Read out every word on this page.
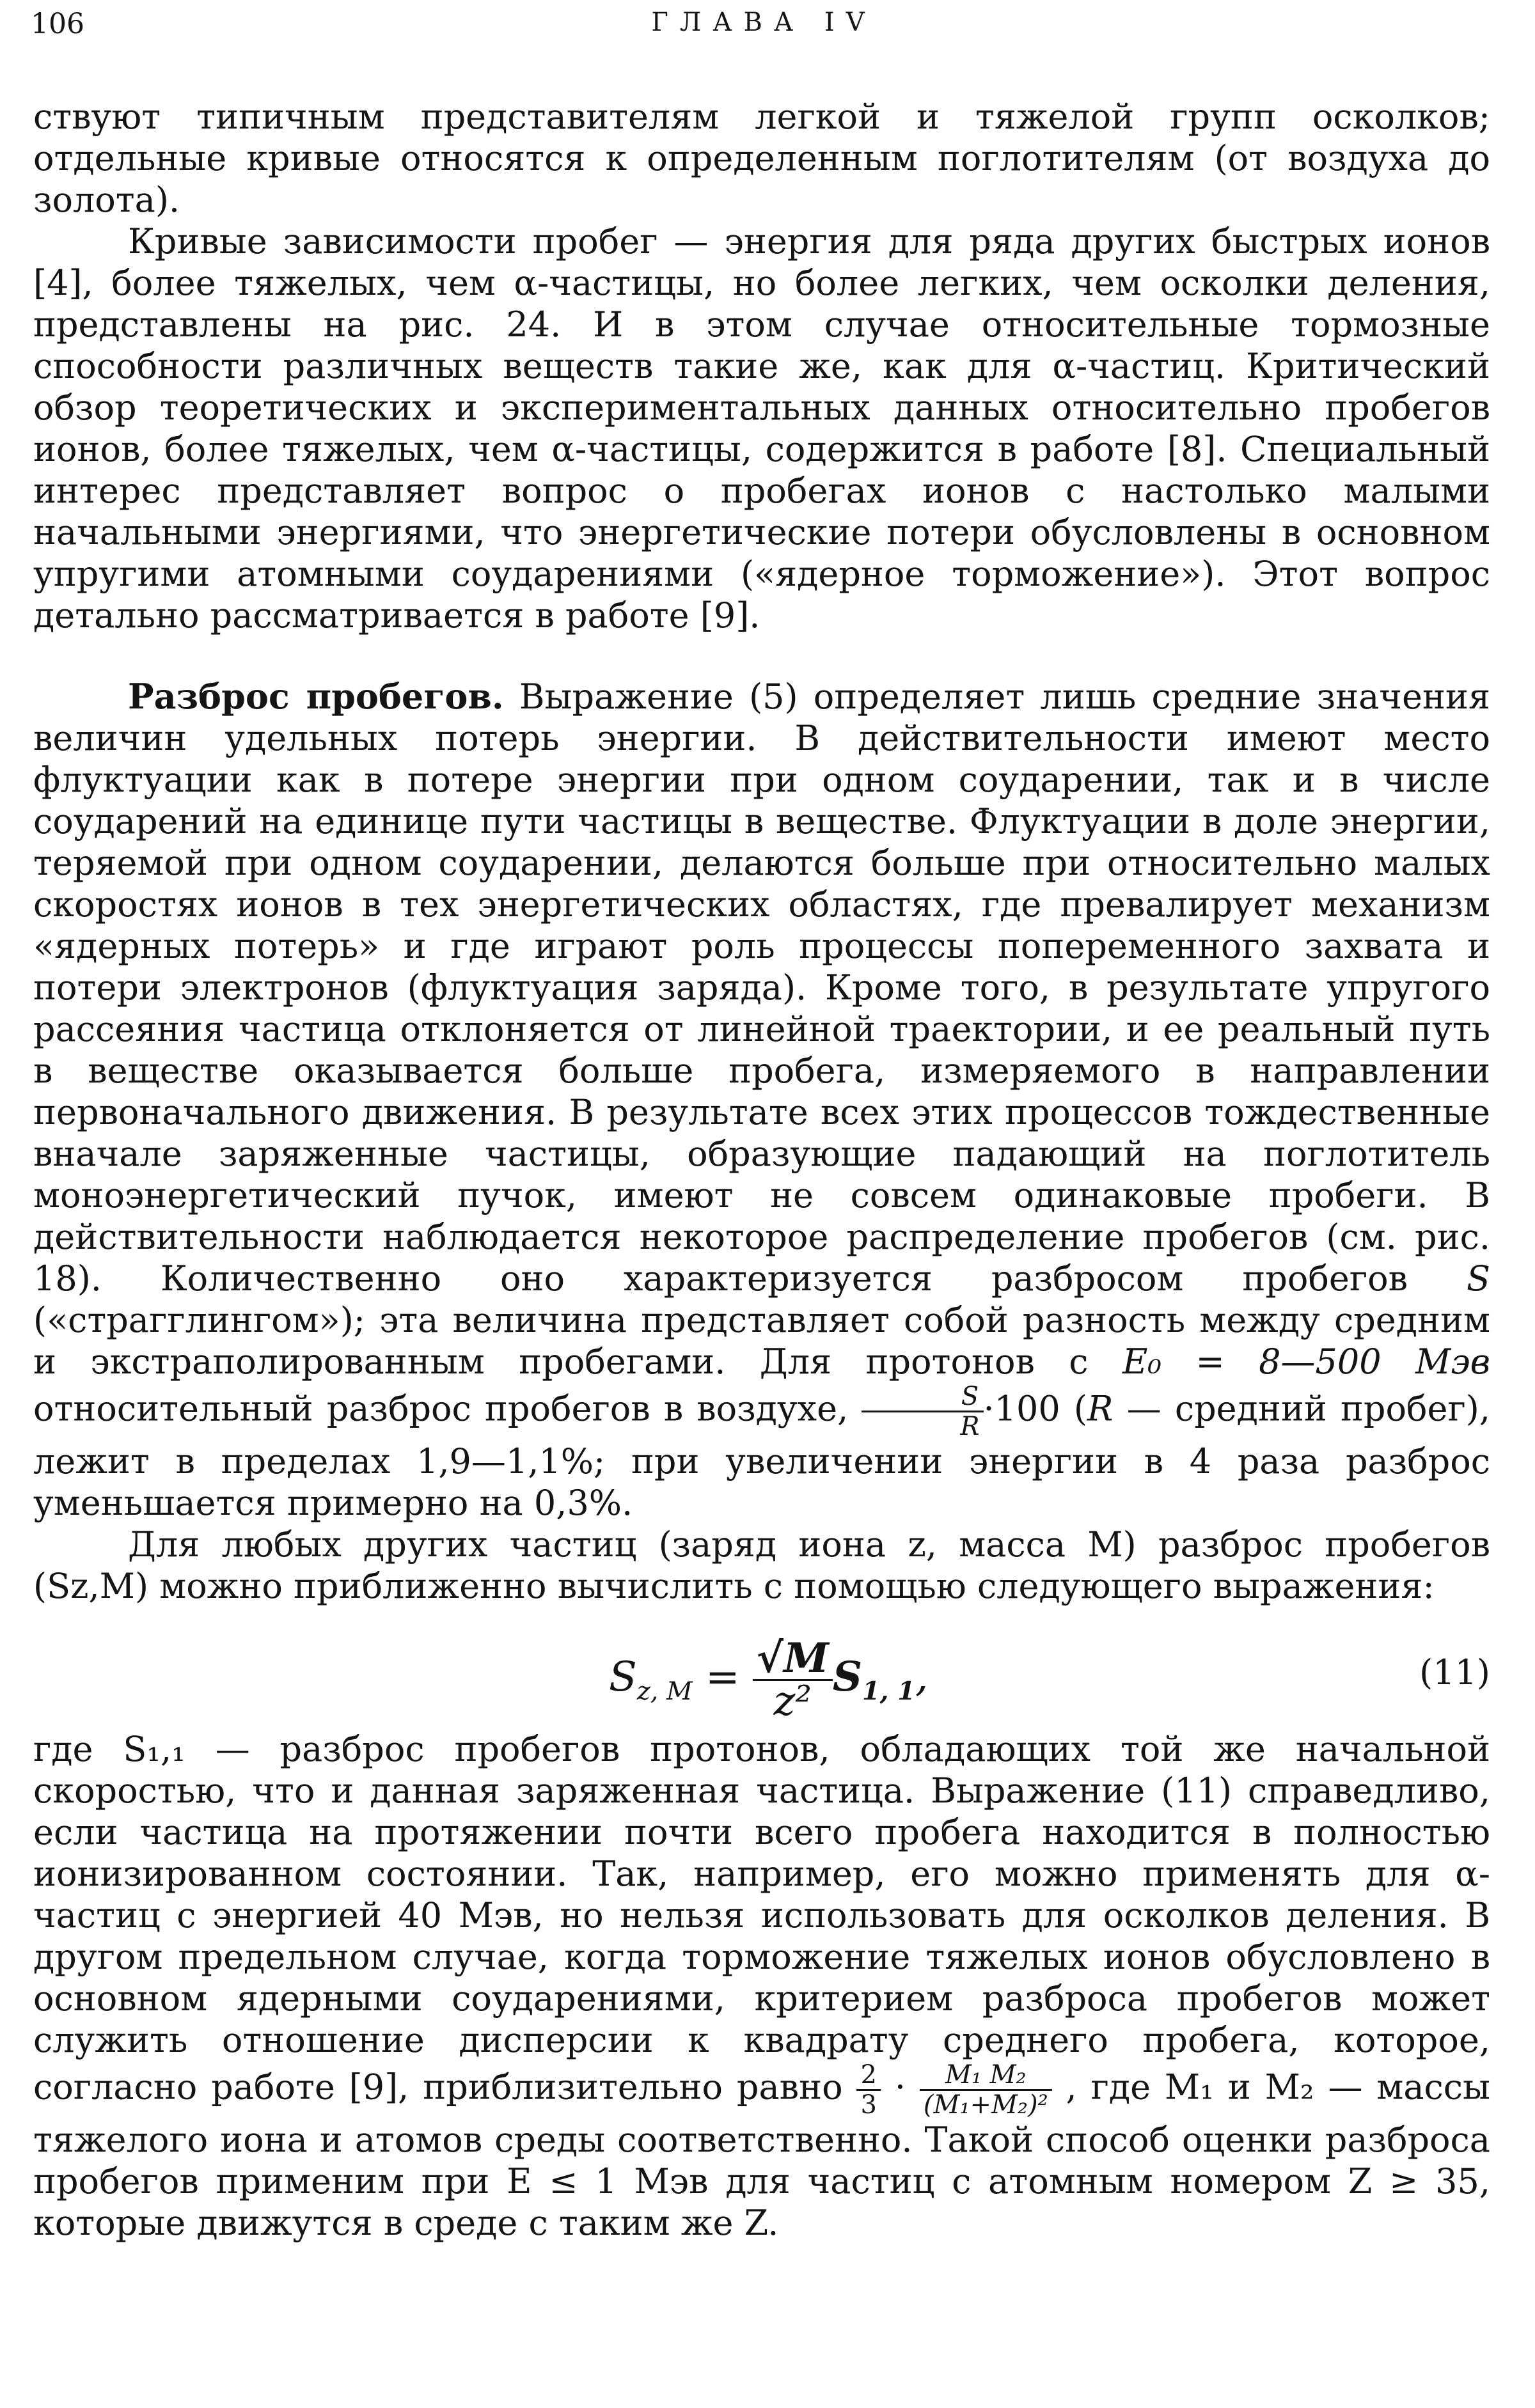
106	ГЛАВА IV

ствуют типичным представителям легкой и тяжелой групп осколков; отдельные кривые относятся к определенным поглотителям (от воздуха до золота).

Кривые зависимости пробег — энергия для ряда других быстрых ионов [4], более тяжелых, чем α-частицы, но более легких, чем осколки деления, представлены на рис. 24. И в этом случае относительные тормозные способности различных веществ такие же, как для α-частиц. Критический обзор теоретических и экспериментальных данных относительно пробегов ионов, более тяжелых, чем α-частицы, содержится в работе [8]. Специальный интерес представляет вопрос о пробегах ионов с настолько малыми начальными энергиями, что энергетические потери обусловлены в основном упругими атомными соударениями («ядерное торможение»). Этот вопрос детально рассматривается в работе [9].

Разброс пробегов. Выражение (5) определяет лишь средние значения величин удельных потерь энергии. В действительности имеют место флуктуации как в потере энергии при одном соударении, так и в числе соударений на единице пути частицы в веществе. Флуктуации в доле энергии, теряемой при одном соударении, делаются больше при относительно малых скоростях ионов в тех энергетических областях, где превалирует механизм «ядерных потерь» и где играют роль процессы попеременного захвата и потери электронов (флуктуация заряда). Кроме того, в результате упругого рассеяния частица отклоняется от линейной траектории, и ее реальный путь в веществе оказывается больше пробега, измеряемого в направлении первоначального движения. В результате всех этих процессов тождественные вначале заряженные частицы, образующие падающий на поглотитель моноэнергетический пучок, имеют не совсем одинаковые пробеги. В действительности наблюдается некоторое распределение пробегов (см. рис. 18). Количественно оно характеризуется разбросом пробегов S («страгглингом»); эта величина представляет собой разность между средним и экстраполированным пробегами. Для протонов с E₀ = 8—500 Мэв относительный разброс пробегов в воздухе, $\frac{S}{R} \cdot 100$ (R — средний пробег), лежит в пределах 1,9—1,1%; при увеличении энергии в 4 раза разброс уменьшается примерно на 0,3%.

Для любых других частиц (заряд иона z, масса M) разброс пробегов (Sz,M) можно приближенно вычислить с помощью следующего выражения:

$S_{z, M} = \frac{√M}{\text{z²}} S_{1, 1}$,	(11)

где S₁,₁ — разброс пробегов протонов, обладающих той же начальной скоростью, что и данная заряженная частица. Выражение (11) справедливо, если частица на протяжении почти всего пробега находится в полностью ионизированном состоянии. Так, например, его можно применять для α-частиц с энергией 40 Мэв, но нельзя использовать для осколков деления. В другом предельном случае, когда торможение тяжелых ионов обусловлено в основном ядерными соударениями, критерием разброса пробегов может служить отношение дисперсии к квадрату среднего пробега, которое, согласно работе [9], приблизительно равно $\frac{2}{3} \cdot \frac{\text{M₁ M₂}}{\text{(M₁+M₂)²}}$ , где M₁ и M₂ — массы тяжелого иона и атомов среды соответственно. Такой способ оценки разброса пробегов применим при E ≤ 1 Мэв для частиц с атомным номером Z ≥ 35, которые движутся в среде с таким же Z.
